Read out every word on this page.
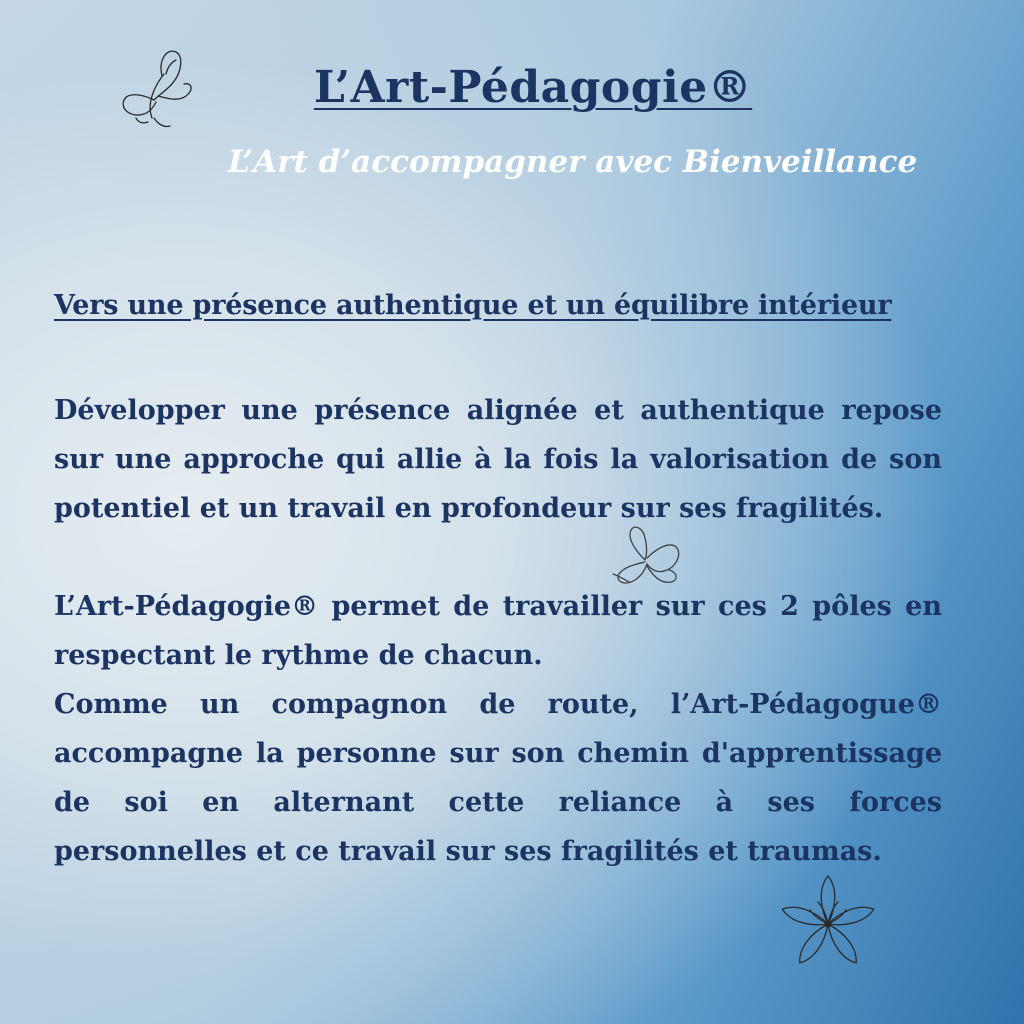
L’Art-Pédagogie®

L’Art d’accompagner avec Bienveillance

Vers une présence authentique et un équilibre intérieur

Développer une présence alignée et authentique repose sur une approche qui allie à la fois la valorisation de son potentiel et un travail en profondeur sur ses fragilités.

L’Art-Pédagogie® permet de travailler sur ces 2 pôles en respectant le rythme de chacun.

Comme un compagnon de route, l’Art-Pédagogue® accompagne la personne sur son chemin d'apprentissage de soi en alternant cette reliance à ses forces personnelles et ce travail sur ses fragilités et traumas.
